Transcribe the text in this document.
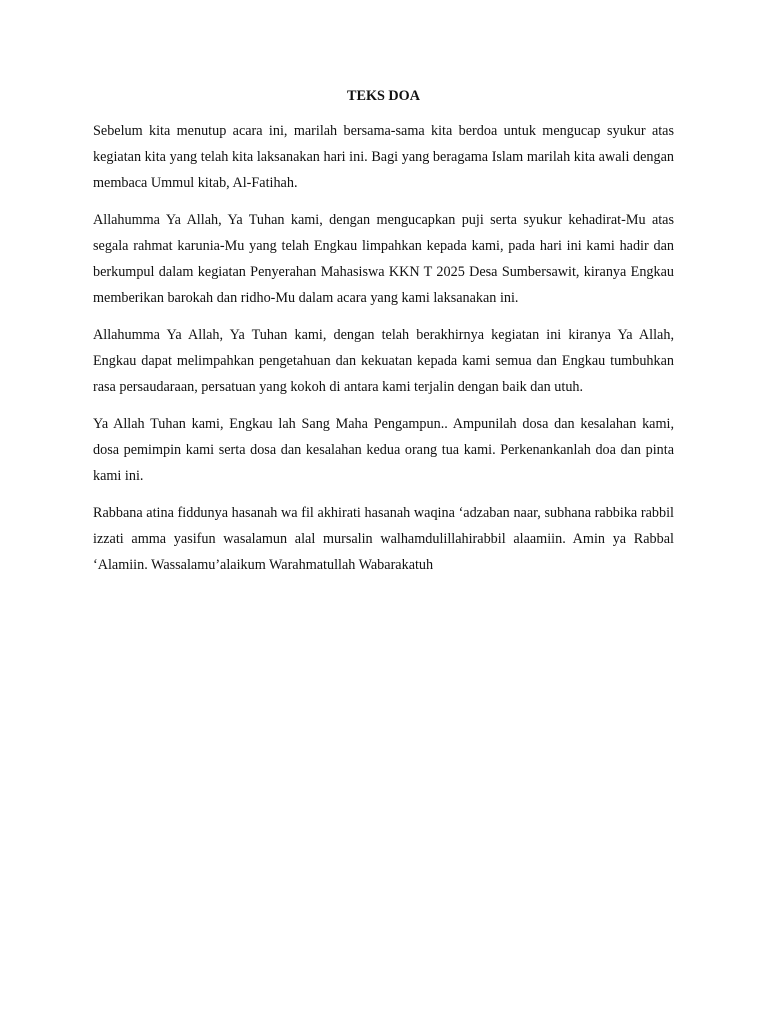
TEKS DOA

Sebelum kita menutup acara ini, marilah bersama-sama kita berdoa untuk mengucap syukur atas kegiatan kita yang telah kita laksanakan hari ini. Bagi yang beragama Islam marilah kita awali dengan membaca Ummul kitab, Al-Fatihah.

Allahumma Ya Allah, Ya Tuhan kami, dengan mengucapkan puji serta syukur kehadirat-Mu atas segala rahmat karunia-Mu yang telah Engkau limpahkan kepada kami, pada hari ini kami hadir dan berkumpul dalam kegiatan Penyerahan Mahasiswa KKN T 2025 Desa Sumbersawit, kiranya Engkau memberikan barokah dan ridho-Mu dalam acara yang kami laksanakan ini.

Allahumma Ya Allah, Ya Tuhan kami, dengan telah berakhirnya kegiatan ini kiranya Ya Allah, Engkau dapat melimpahkan pengetahuan dan kekuatan kepada kami semua dan Engkau tumbuhkan rasa persaudaraan, persatuan yang kokoh di antara kami terjalin dengan baik dan utuh.

Ya Allah Tuhan kami, Engkau lah Sang Maha Pengampun.. Ampunilah dosa dan kesalahan kami, dosa pemimpin kami serta dosa dan kesalahan kedua orang tua kami. Perkenankanlah doa dan pinta kami ini.

Rabbana atina fiddunya hasanah wa fil akhirati hasanah waqina ‘adzaban naar, subhana rabbika rabbil izzati amma yasifun wasalamun alal mursalin walhamdulillahirabbil alaamiin. Amin ya Rabbal ‘Alamiin. Wassalamu’alaikum Warahmatullah Wabarakatuh
